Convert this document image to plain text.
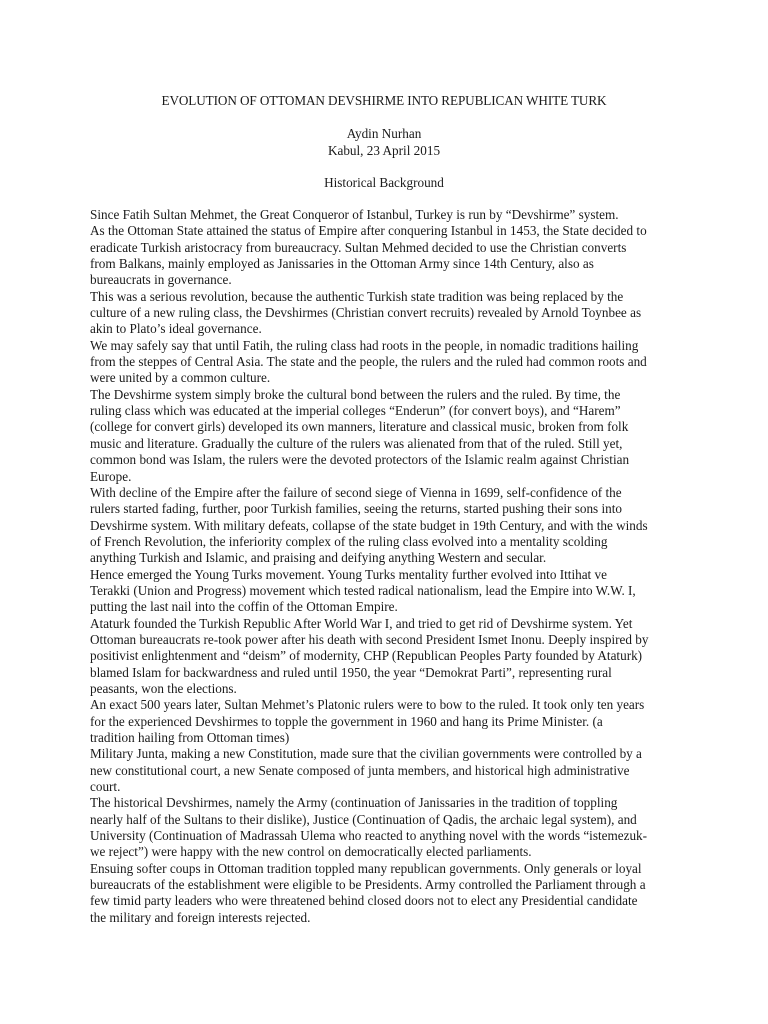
EVOLUTION OF OTTOMAN DEVSHIRME INTO REPUBLICAN WHITE TURK
Aydin Nurhan
Kabul, 23 April 2015
Historical Background
Since Fatih Sultan Mehmet, the Great Conqueror of Istanbul, Turkey is run by “Devshirme” system.
As the Ottoman State attained the status of Empire after conquering Istanbul in 1453, the State decided to
eradicate Turkish aristocracy from bureaucracy. Sultan Mehmed decided to use the Christian converts
from Balkans, mainly employed as Janissaries in the Ottoman Army since 14th Century, also as
bureaucrats in governance.
This was a serious revolution, because the authentic Turkish state tradition was being replaced by the
culture of a new ruling class, the Devshirmes (Christian convert recruits) revealed by Arnold Toynbee as
akin to Plato’s ideal governance.
We may safely say that until Fatih, the ruling class had roots in the people, in nomadic traditions hailing
from the steppes of Central Asia. The state and the people, the rulers and the ruled had common roots and
were united by a common culture.
The Devshirme system simply broke the cultural bond between the rulers and the ruled. By time, the
ruling class which was educated at the imperial colleges “Enderun” (for convert boys), and “Harem”
(college for convert girls) developed its own manners, literature and classical music, broken from folk
music and literature. Gradually the culture of the rulers was alienated from that of the ruled. Still yet,
common bond was Islam, the rulers were the devoted protectors of the Islamic realm against Christian
Europe.
With decline of the Empire after the failure of second siege of Vienna in 1699, self-confidence of the
rulers started fading, further, poor Turkish families, seeing the returns, started pushing their sons into
Devshirme system. With military defeats, collapse of the state budget in 19th Century, and with the winds
of French Revolution, the inferiority complex of the ruling class evolved into a mentality scolding
anything Turkish and Islamic, and praising and deifying anything Western and secular.
Hence emerged the Young Turks movement. Young Turks mentality further evolved into Ittihat ve
Terakki (Union and Progress) movement which tested radical nationalism, lead the Empire into W.W. I,
putting the last nail into the coffin of the Ottoman Empire.
Ataturk founded the Turkish Republic After World War I, and tried to get rid of Devshirme system. Yet
Ottoman bureaucrats re-took power after his death with second President Ismet Inonu. Deeply inspired by
positivist enlightenment and “deism” of modernity, CHP (Republican Peoples Party founded by Ataturk)
blamed Islam for backwardness and ruled until 1950, the year “Demokrat Parti”, representing rural
peasants, won the elections.
An exact 500 years later, Sultan Mehmet’s Platonic rulers were to bow to the ruled. It took only ten years
for the experienced Devshirmes to topple the government in 1960 and hang its Prime Minister. (a
tradition hailing from Ottoman times)
Military Junta, making a new Constitution, made sure that the civilian governments were controlled by a
new constitutional court, a new Senate composed of junta members, and historical high administrative
court.
The historical Devshirmes, namely the Army (continuation of Janissaries in the tradition of toppling
nearly half of the Sultans to their dislike), Justice (Continuation of Qadis, the archaic legal system), and
University (Continuation of Madrassah Ulema who reacted to anything novel with the words “istemezuk-
we reject”) were happy with the new control on democratically elected parliaments.
Ensuing softer coups in Ottoman tradition toppled many republican governments. Only generals or loyal
bureaucrats of the establishment were eligible to be Presidents. Army controlled the Parliament through a
few timid party leaders who were threatened behind closed doors not to elect any Presidential candidate
the military and foreign interests rejected.
